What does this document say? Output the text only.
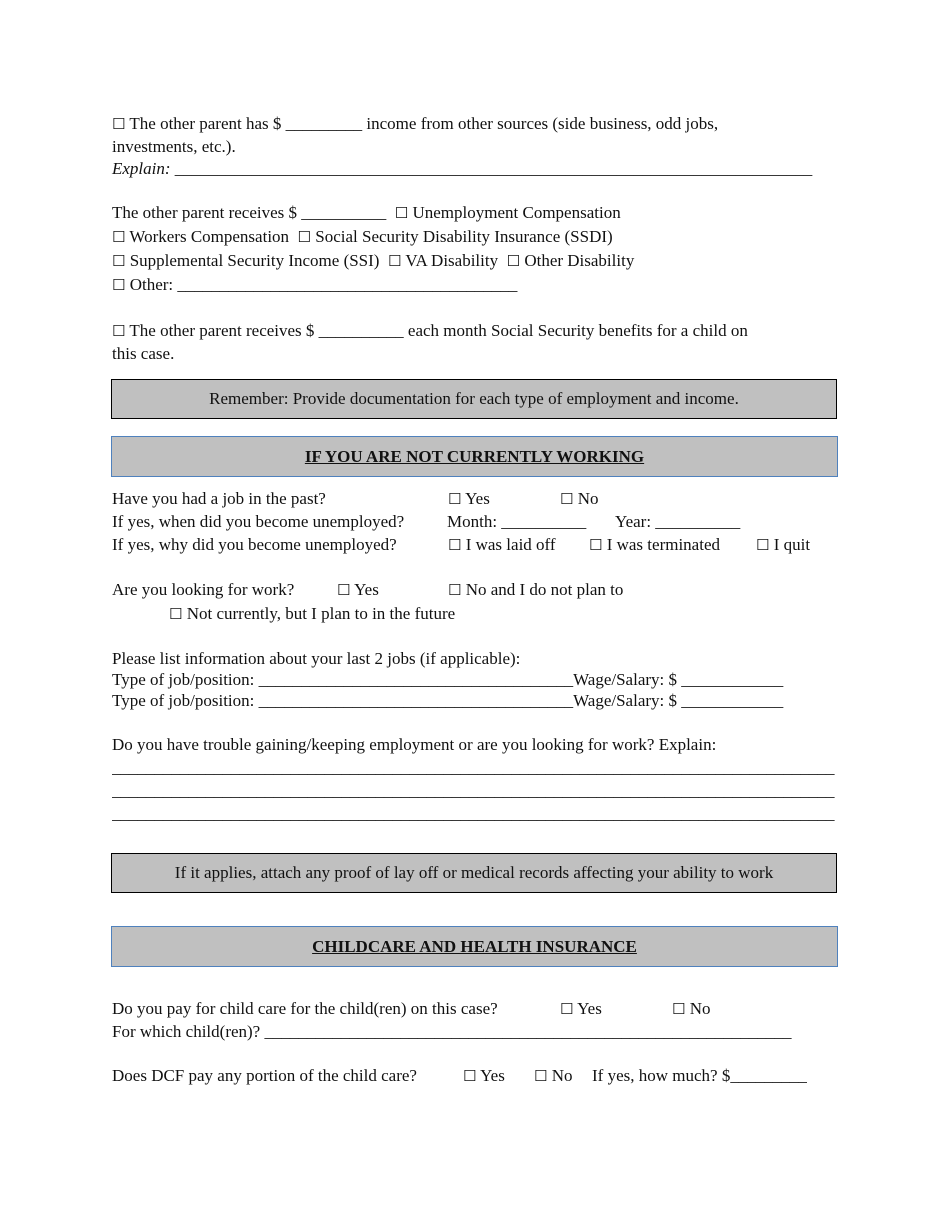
☐ The other parent has $ _________ income from other sources (side business, odd jobs,
investments, etc.).
Explain: ___________________________________________________________________________
The other parent receives $ __________ ☐ Unemployment Compensation
☐ Workers Compensation ☐ Social Security Disability Insurance (SSDI)
☐ Supplemental Security Income (SSI) ☐ VA Disability ☐ Other Disability
☐ Other: ________________________________________
☐ The other parent receives $ __________ each month Social Security benefits for a child on
this case.
Remember: Provide documentation for each type of employment and income.
IF YOU ARE NOT CURRENTLY WORKING
Have you had a job in the past?	☐ Yes	☐ No
If yes, when did you become unemployed?	Month: __________ Year: __________
If yes, why did you become unemployed?	☐ I was laid off ☐ I was terminated ☐ I quit
Are you looking for work?	☐ Yes	☐ No and I do not plan to
☐ Not currently, but I plan to in the future
Please list information about your last 2 jobs (if applicable):
Type of job/position: _____________________________________Wage/Salary: $ ____________
Type of job/position: _____________________________________Wage/Salary: $ ____________
Do you have trouble gaining/keeping employment or are you looking for work? Explain:
_____________________________________________________________________________________
_____________________________________________________________________________________
_____________________________________________________________________________________
If it applies, attach any proof of lay off or medical records affecting your ability to work
CHILDCARE AND HEALTH INSURANCE
Do you pay for child care for the child(ren) on this case?	☐ Yes	☐ No
For which child(ren)? ______________________________________________________________
Does DCF pay any portion of the child care?	☐ Yes ☐ No If yes, how much? $_________
